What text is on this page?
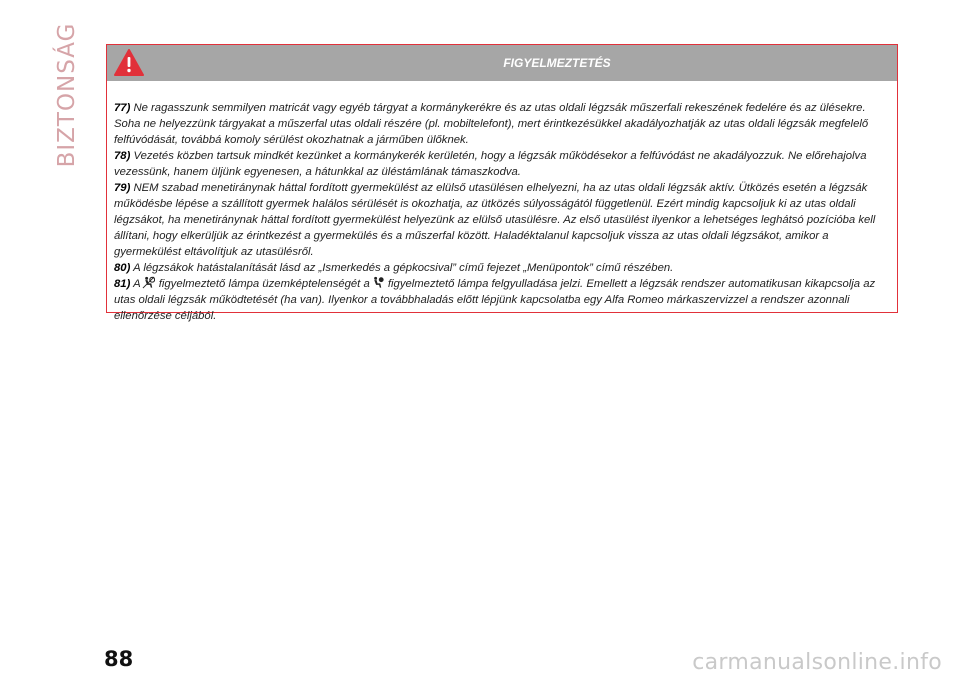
BIZTONSÁG	FIGYELMEZTETÉS

77) Ne ragasszunk semmilyen matricát vagy egyéb tárgyat a kormánykerékre és az utas oldali légzsák műszerfali rekeszének fedelére és az ülésekre. Soha ne helyezzünk tárgyakat a műszerfal utas oldali részére (pl. mobiltelefont), mert érintkezésükkel akadályozhatják az utas oldali légzsák megfelelő felfúvódását, továbbá komoly sérülést okozhatnak a járműben ülőknek.

78) Vezetés közben tartsuk mindkét kezünket a kormánykerék kerületén, hogy a légzsák működésekor a felfúvódást ne akadályozzuk. Ne előrehajolva vezessünk, hanem üljünk egyenesen, a hátunkkal az üléstámlának támaszkodva.

79) NEM szabad menetiránynak háttal fordított gyermekülést az elülső utasülésen elhelyezni, ha az utas oldali légzsák aktív. Ütközés esetén a légzsák működésbe lépése a szállított gyermek halálos sérülését is okozhatja, az ütközés súlyosságától függetlenül. Ezért mindig kapcsoljuk ki az utas oldali légzsákot, ha menetiránynak háttal fordított gyermekülést helyezünk az elülső utasülésre. Az első utasülést ilyenkor a lehetséges leghátsó pozícióba kell állítani, hogy elkerüljük az érintkezést a gyermekülés és a műszerfal között. Haladéktalanul kapcsoljuk vissza az utas oldali légzsákot, amikor a gyermekülést eltávolítjuk az utasülésről.

80) A légzsákok hatástalanítását lásd az „Ismerkedés a gépkocsival” című fejezet „Menüpontok” című részében.

81) A figyelmeztető lámpa üzemképtelenségét a figyelmeztető lámpa felgyulladása jelzi. Emellett a légzsák rendszer automatikusan kikapcsolja az utas oldali légzsák működtetését (ha van). Ilyenkor a továbbhaladás előtt lépjünk kapcsolatba egy Alfa Romeo márkaszervizzel a rendszer azonnali ellenőrzése céljából.

88	carmanualsonline.info
